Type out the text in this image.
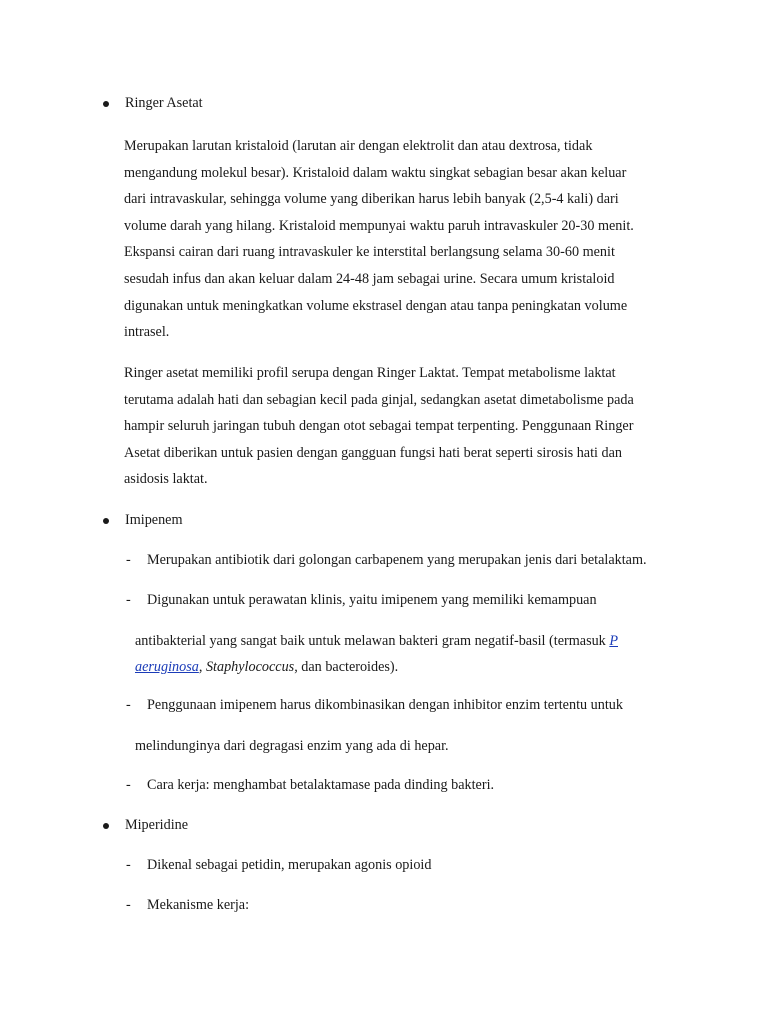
Ringer Asetat
Merupakan larutan kristaloid (larutan air dengan elektrolit dan atau dextrosa, tidak
mengandung molekul besar). Kristaloid dalam waktu singkat sebagian besar akan keluar
dari intravaskular, sehingga volume yang diberikan harus lebih banyak (2,5-4 kali) dari
volume darah yang hilang. Kristaloid mempunyai waktu paruh intravaskuler 20-30 menit.
Ekspansi cairan dari ruang intravaskuler ke interstital berlangsung selama 30-60 menit
sesudah infus dan akan keluar dalam 24-48 jam sebagai urine. Secara umum kristaloid
digunakan untuk meningkatkan volume ekstrasel dengan atau tanpa peningkatan volume
intrasel.
Ringer asetat memiliki profil serupa dengan Ringer Laktat. Tempat metabolisme laktat
terutama adalah hati dan sebagian kecil pada ginjal, sedangkan asetat dimetabolisme pada
hampir seluruh jaringan tubuh dengan otot sebagai tempat terpenting. Penggunaan Ringer
Asetat diberikan untuk pasien dengan gangguan fungsi hati berat seperti sirosis hati dan
asidosis laktat.
Imipenem
- Merupakan antibiotik dari golongan carbapenem yang merupakan jenis dari betalaktam.
- Digunakan untuk perawatan klinis, yaitu imipenem yang memiliki kemampuan
antibakterial yang sangat baik untuk melawan bakteri gram negatif-basil (termasuk P
aeruginosa, Staphylococcus, dan bacteroides).
- Penggunaan imipenem harus dikombinasikan dengan inhibitor enzim tertentu untuk
melindunginya dari degragasi enzim yang ada di hepar.
- Cara kerja: menghambat betalaktamase pada dinding bakteri.
Miperidine
- Dikenal sebagai petidin, merupakan agonis opioid
- Mekanisme kerja:
